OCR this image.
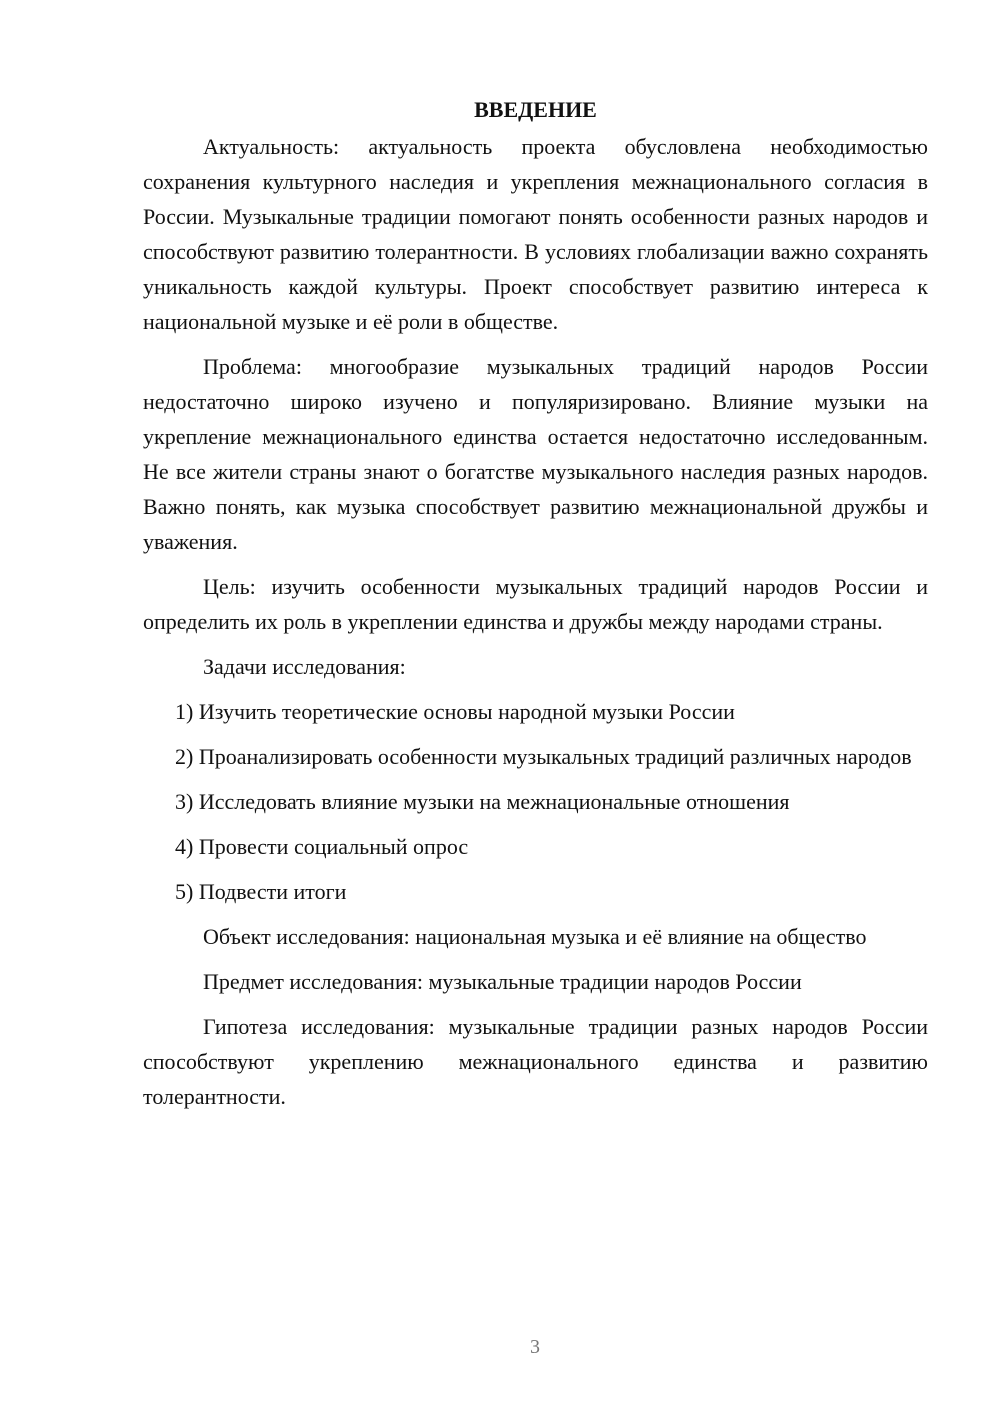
ВВЕДЕНИЕ

Актуальность: актуальность проекта обусловлена необходимостью сохранения культурного наследия и укрепления межнационального согласия в России. Музыкальные традиции помогают понять особенности разных народов и способствуют развитию толерантности. В условиях глобализации важно сохранять уникальность каждой культуры. Проект способствует развитию интереса к национальной музыке и её роли в обществе.

Проблема: многообразие музыкальных традиций народов России недостаточно широко изучено и популяризировано. Влияние музыки на укрепление межнационального единства остается недостаточно исследованным. Не все жители страны знают о богатстве музыкального наследия разных народов. Важно понять, как музыка способствует развитию межнациональной дружбы и уважения.

Цель: изучить особенности музыкальных традиций народов России и определить их роль в укреплении единства и дружбы между народами страны.

Задачи исследования:

1) Изучить теоретические основы народной музыки России
2) Проанализировать особенности музыкальных традиций различных народов
3) Исследовать влияние музыки на межнациональные отношения
4) Провести социальный опрос
5) Подвести итоги

Объект исследования: национальная музыка и её влияние на общество

Предмет исследования: музыкальные традиции народов России

Гипотеза исследования: музыкальные традиции разных народов России способствуют укреплению межнационального единства и развитию толерантности.

3
